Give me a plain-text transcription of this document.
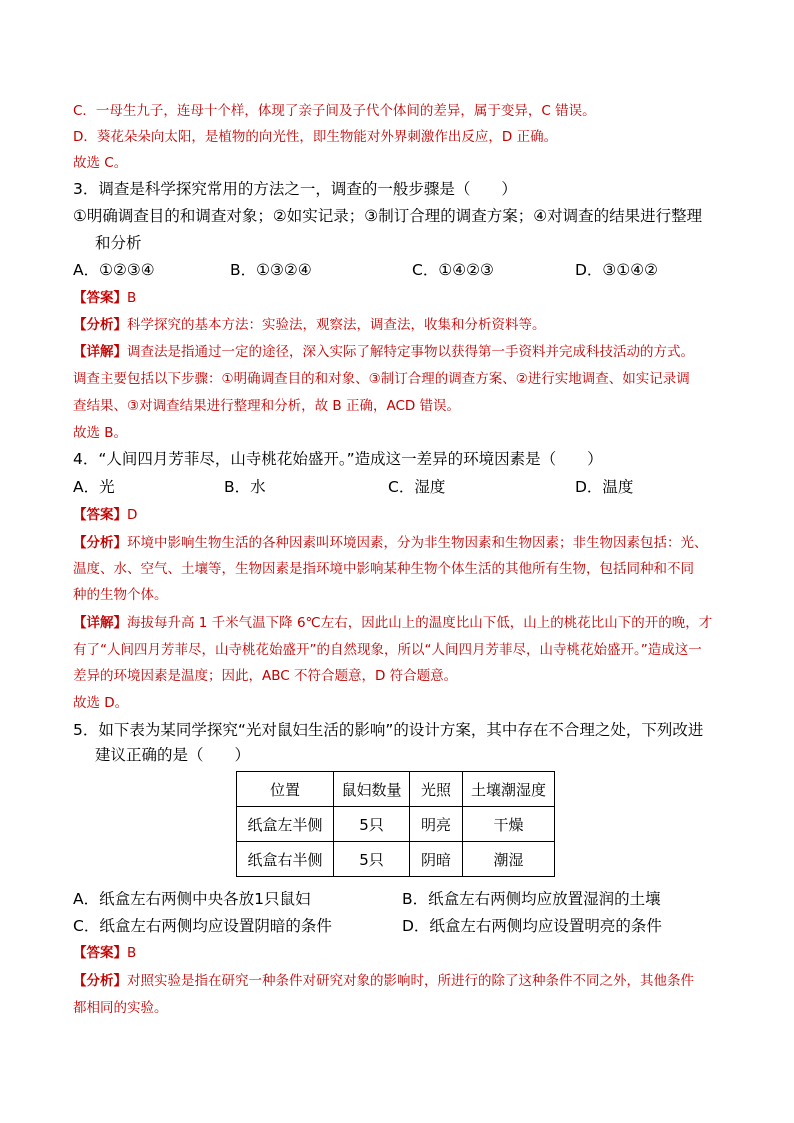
C．一母生九子，连母十个样，体现了亲子间及子代个体间的差异，属于变异，C 错误。
D．葵花朵朵向太阳，是植物的向光性，即生物能对外界刺激作出反应，D 正确。
故选 C。
3．调查是科学探究常用的方法之一，调查的一般步骤是（　　）
①明确调查目的和调查对象；②如实记录；③制订合理的调查方案；④对调查的结果进行整理
和分析
A．①②③④	B．①③②④	C．①④②③	D．③①④②
【答案】B
【分析】科学探究的基本方法：实验法，观察法，调查法，收集和分析资料等。
【详解】调查法是指通过一定的途径，深入实际了解特定事物以获得第一手资料并完成科技活动的方式。
调查主要包括以下步骤：①明确调查目的和对象、③制订合理的调查方案、②进行实地调查、如实记录调
查结果、③对调查结果进行整理和分析，故 B 正确，ACD 错误。
故选 B。
4．“人间四月芳菲尽，山寺桃花始盛开。”造成这一差异的环境因素是（　　）
A．光	B．水	C．湿度	D．温度
【答案】D
【分析】环境中影响生物生活的各种因素叫环境因素，分为非生物因素和生物因素；非生物因素包括：光、
温度、水、空气、土壤等，生物因素是指环境中影响某种生物个体生活的其他所有生物，包括同种和不同
种的生物个体。
【详解】海拔每升高 1 千米气温下降 6℃左右，因此山上的温度比山下低，山上的桃花比山下的开的晚，才
有了“人间四月芳菲尽，山寺桃花始盛开”的自然现象，所以“人间四月芳菲尽，山寺桃花始盛开。”造成这一
差异的环境因素是温度；因此，ABC 不符合题意，D 符合题意。
故选 D。
5．如下表为某同学探究“光对鼠妇生活的影响”的设计方案，其中存在不合理之处，下列改进
建议正确的是（　　）
位置	鼠妇数量	光照	土壤潮湿度
纸盒左半侧	5只	明亮	干燥
纸盒右半侧	5只	阴暗	潮湿
A．纸盒左右两侧中央各放1只鼠妇	B．纸盒左右两侧均应放置湿润的土壤
C．纸盒左右两侧均应设置阴暗的条件	D．纸盒左右两侧均应设置明亮的条件
【答案】B
【分析】对照实验是指在研究一种条件对研究对象的影响时，所进行的除了这种条件不同之外，其他条件
都相同的实验。
